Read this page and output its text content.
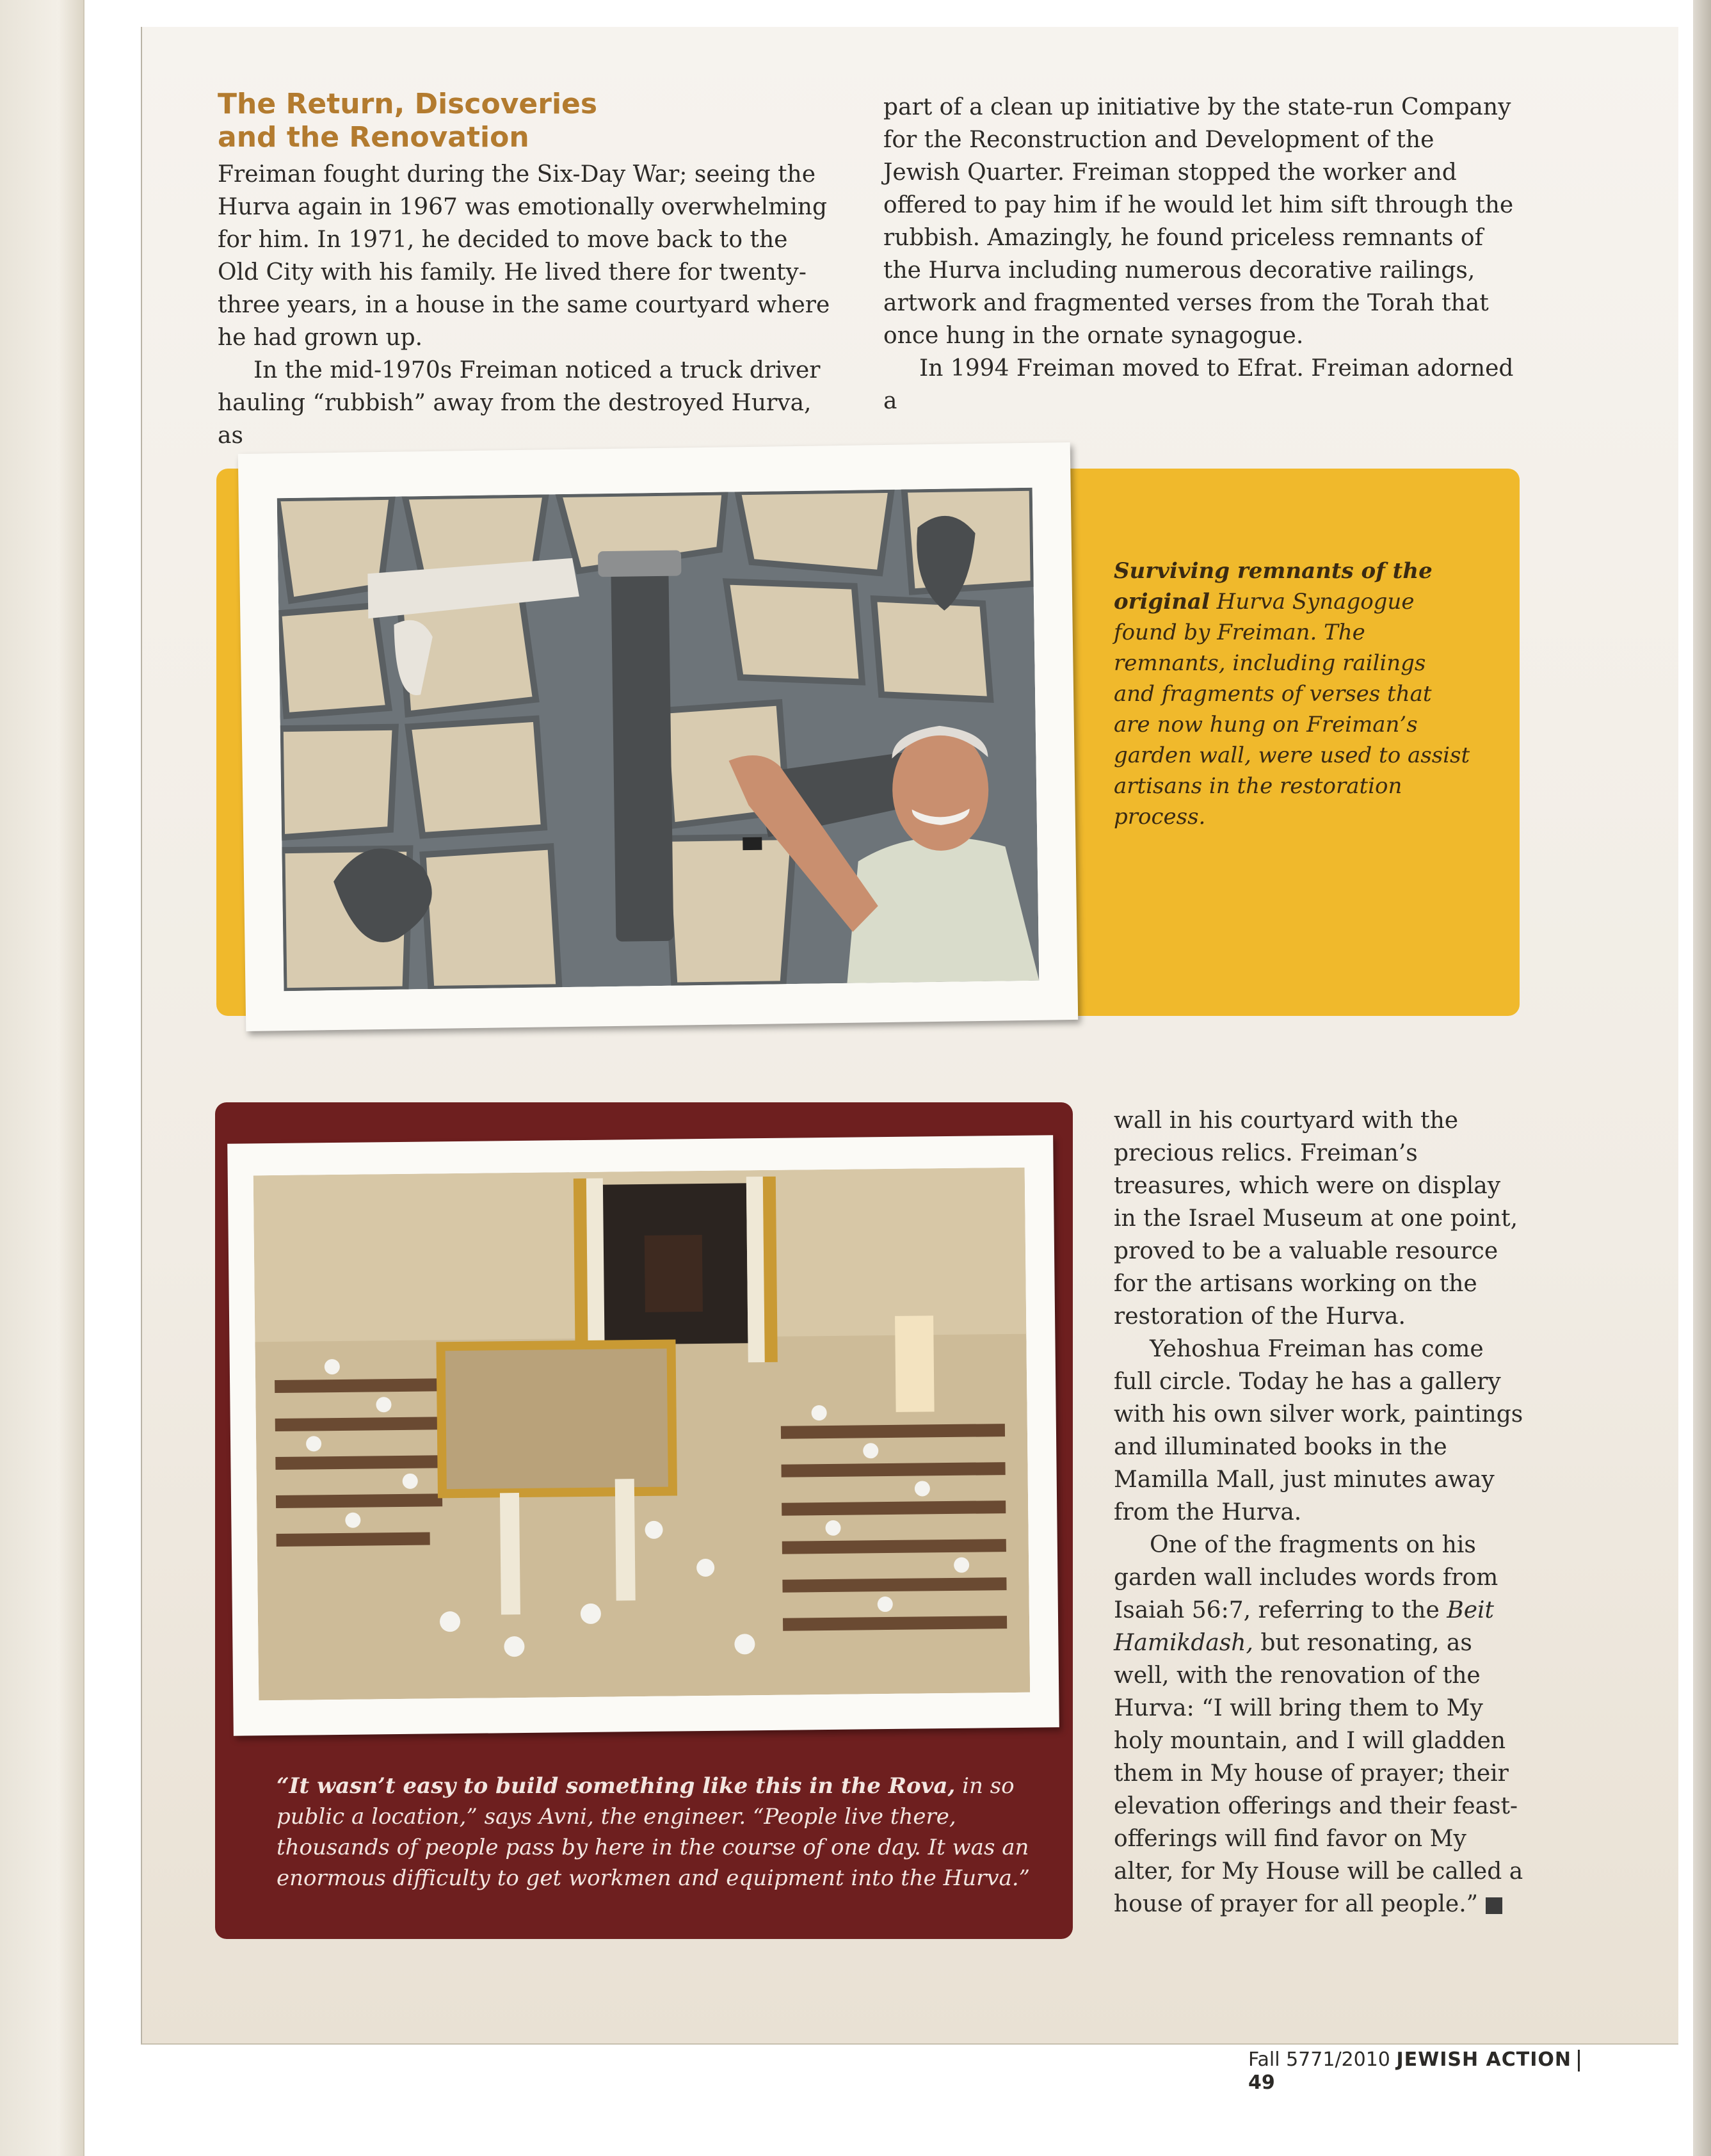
The Return, Discoveries
and the Renovation

Freiman fought during the Six-Day War; seeing the Hurva again in 1967 was emotionally overwhelming for him. In 1971, he decided to move back to the Old City with his family. He lived there for twenty-three years, in a house in the same courtyard where he had grown up.

In the mid-1970s Freiman noticed a truck driver hauling “rubbish” away from the destroyed Hurva, as

part of a clean up initiative by the state-run Company for the Reconstruction and Development of the Jewish Quarter. Freiman stopped the worker and offered to pay him if he would let him sift through the rubbish. Amazingly, he found priceless remnants of the Hurva including numerous decorative railings, artwork and fragmented verses from the Torah that once hung in the ornate synagogue.

In 1994 Freiman moved to Efrat. Freiman adorned a

Surviving remnants of the original Hurva Synagogue found by Freiman. The remnants, including railings and fragments of verses that are now hung on Freiman’s garden wall, were used to assist artisans in the restoration process.
“It wasn’t easy to build something like this in the Rova, in so public a location,” says Avni, the engineer. “People live there, thousands of people pass by here in the course of one day. It was an enormous difficulty to get workmen and equipment into the Hurva.”

wall in his courtyard with the precious relics. Freiman’s treasures, which were on display in the Israel Museum at one point, proved to be a valuable resource for the artisans working on the restoration of the Hurva.

Yehoshua Freiman has come full circle. Today he has a gallery with his own silver work, paintings and illuminated books in the Mamilla Mall, just minutes away from the Hurva.

One of the fragments on his garden wall includes words from Isaiah 56:7, referring to the Beit Hamikdash, but resonating, as well, with the renovation of the Hurva: “I will bring them to My holy mountain, and I will gladden them in My house of prayer; their elevation offerings and their feast-offerings will find favor on My alter, for My House will be called a house of prayer for all people.”

Fall 5771/2010 JEWISH ACTION49
